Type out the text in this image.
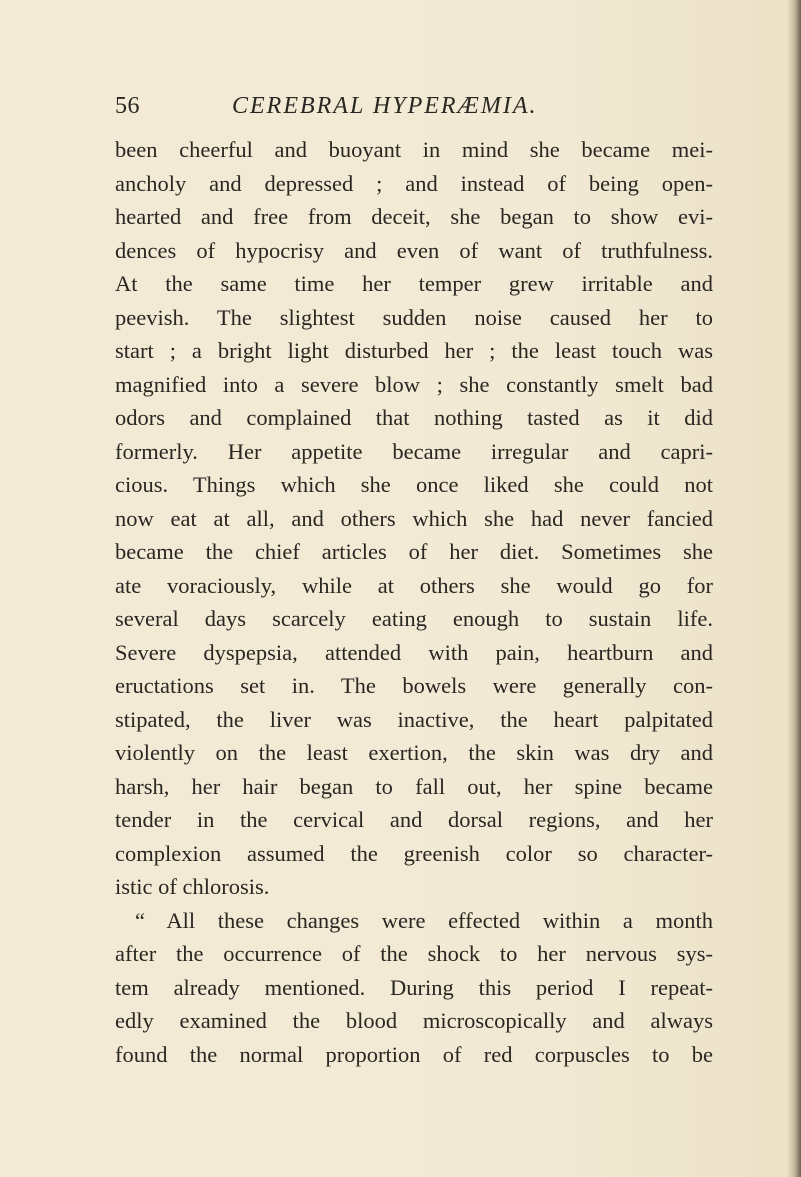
56	CEREBRAL HYPERÆMIA.
been cheerful and buoyant in mind she became mei-
ancholy and depressed ; and instead of being open-
hearted and free from deceit, she began to show evi-
dences of hypocrisy and even of want of truthfulness.
At the same time her temper grew irritable and
peevish. The slightest sudden noise caused her to
start ; a bright light disturbed her ; the least touch was
magnified into a severe blow ; she constantly smelt bad
odors and complained that nothing tasted as it did
formerly. Her appetite became irregular and capri-
cious. Things which she once liked she could not
now eat at all, and others which she had never fancied
became the chief articles of her diet. Sometimes she
ate voraciously, while at others she would go for
several days scarcely eating enough to sustain life.
Severe dyspepsia, attended with pain, heartburn and
eructations set in. The bowels were generally con-
stipated, the liver was inactive, the heart palpitated
violently on the least exertion, the skin was dry and
harsh, her hair began to fall out, her spine became
tender in the cervical and dorsal regions, and her
complexion assumed the greenish color so character-
istic of chlorosis.
“ All these changes were effected within a month
after the occurrence of the shock to her nervous sys-
tem already mentioned. During this period I repeat-
edly examined the blood microscopically and always
found the normal proportion of red corpuscles to be
